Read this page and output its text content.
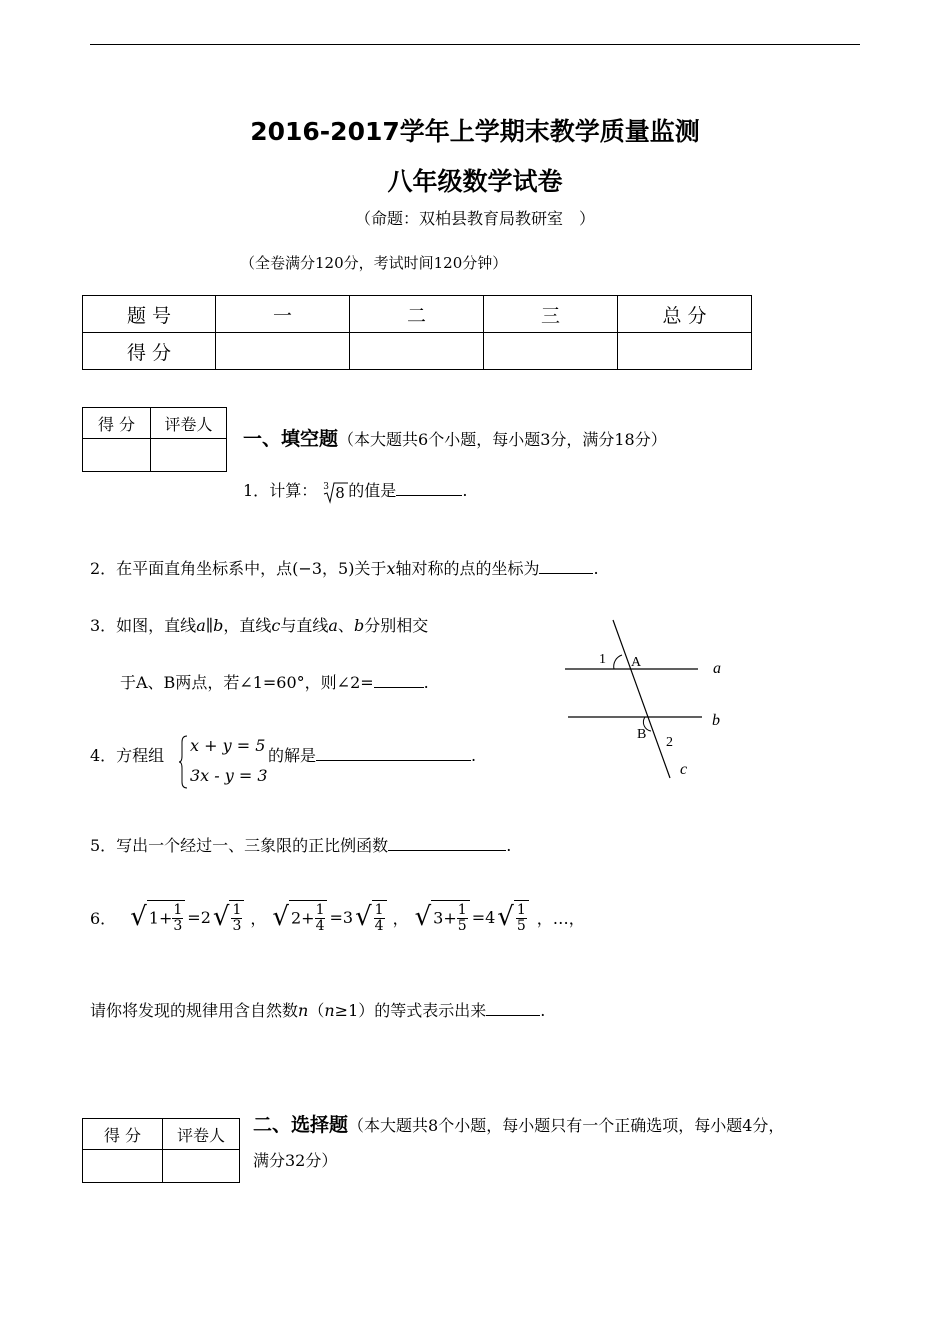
2016-2017学年上学期末教学质量监测
八年级数学试卷
（命题：双柏县教育局教研室　）
（全卷满分120分，考试时间120分钟）
题 号	一	二	三	总 分
得 分				
得 分	评卷人

一、填空题（本大题共6个小题，每小题3分，满分18分）
1．计算： 3 8 的值是	.
2．在平面直角坐标系中，点(−3，5)关于x轴对称的点的坐标为	.
3．如图，直线a∥b，直线c与直线a、b分别相交
于A、B两点，若∠1=60°，则∠2=	.
1 A	a
b
B
2
c
4．方程组
x + y = 5
3x - y = 3
的解是	.
5．写出一个经过一、三象限的正比例函数	.
6． √ $1+ \frac{1}{3} =2$ √ $\frac{1}{3}$ ， √ $2+ \frac{1}{4} =3$ √ $\frac{1}{4}$ ， √ $3+ \frac{1}{5} =4$ √ $\frac{1}{5}$ ，…，
请你将发现的规律用含自然数n（n≥1）的等式表示出来	.
得 分	评卷人
	二、选择题（本大题共8个小题，每小题只有一个正确选项，每小题4分，
满分32分）
